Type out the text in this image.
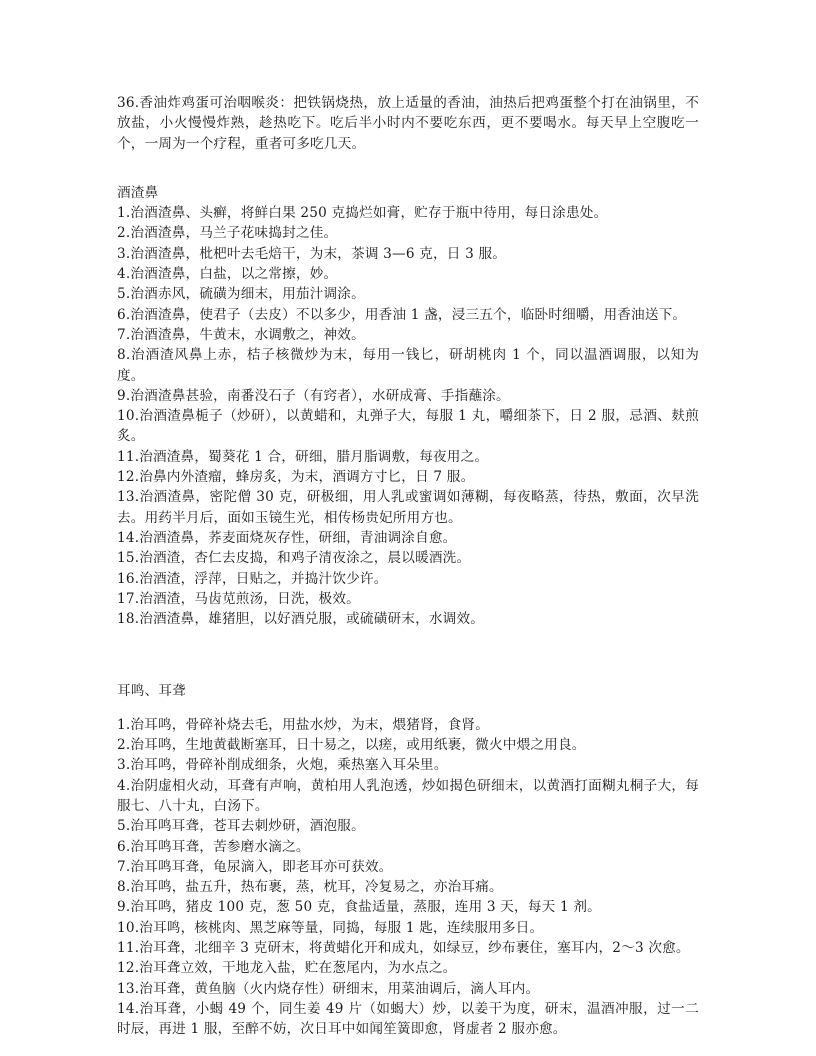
36.香油炸鸡蛋可治咽喉炎：把铁锅烧热，放上适量的香油，油热后把鸡蛋整个打在油锅里，不放盐，小火慢慢炸熟，趁热吃下。吃后半小时内不要吃东西，更不要喝水。每天早上空腹吃一个，一周为一个疗程，重者可多吃几天。

酒渣鼻

1.治酒渣鼻、头癣，将鲜白果 250 克捣烂如膏，贮存于瓶中待用，每日涂患处。
2.治酒渣鼻，马兰子花味捣封之佳。
3.治酒渣鼻，枇杷叶去毛焙干，为末，茶调 3—6 克，日 3 服。
4.治酒渣鼻，白盐，以之常擦，妙。
5.治酒赤风，硫磺为细末，用茄汁调涂。
6.治酒渣鼻，使君子（去皮）不以多少，用香油 1 盏，浸三五个，临卧时细嚼，用香油送下。
7.治酒渣鼻，牛黄末，水调敷之，神效。
8.治酒渣风鼻上赤，桔子核微炒为末，每用一钱匕，研胡桃肉 1 个，同以温酒调服，以知为度。
9.治酒渣鼻甚验，南番没石子（有窍者），水研成膏、手指蘸涂。
10.治酒渣鼻栀子（炒研），以黄蜡和，丸弹子大，每服 1 丸，嚼细茶下，日 2 服，忌酒、麸煎炙。
11.治酒渣鼻，蜀葵花 1 合，研细，腊月脂调敷，每夜用之。
12.治鼻内外渣瘤，蜂房炙，为末，酒调方寸匕，日 7 服。
13.治酒渣鼻，密陀僧 30 克，研极细，用人乳或蜜调如薄糊，每夜略蒸，待热，敷面，次早洗去。用药半月后，面如玉镜生光，相传杨贵妃所用方也。
14.治酒渣鼻，荞麦面烧灰存性，研细，青油调涂自愈。
15.治酒渣，杏仁去皮捣，和鸡子清夜涂之，晨以暖酒洗。
16.治酒渣，浮萍，日贴之，并捣汁饮少许。
17.治酒渣，马齿苋煎汤，日洗，极效。
18.治酒渣鼻，雄猪胆，以好酒兑服，或硫磺研末，水调效。

耳鸣、耳聋

1.治耳鸣，骨碎补烧去毛，用盐水炒，为末，煨猪肾，食肾。
2.治耳鸣，生地黄截断塞耳，日十易之，以瘥，或用纸裹，微火中煨之用良。
3.治耳鸣，骨碎补削成细条，火炮，乘热塞入耳朵里。
4.治阴虚相火动，耳聋有声响，黄柏用人乳泡透，炒如揭色研细末，以黄酒打面糊丸桐子大，每服七、八十丸，白汤下。
5.治耳鸣耳聋，苍耳去刺炒研，酒泡服。
6.治耳鸣耳聋，苦参磨水滴之。
7.治耳鸣耳聋，龟尿滴入，即老耳亦可获效。
8.治耳鸣，盐五升，热布裹，蒸，枕耳，冷复易之，亦治耳痛。
9.治耳鸣，猪皮 100 克，葱 50 克，食盐适量，蒸服，连用 3 天，每天 1 剂。
10.治耳鸣，核桃肉、黑芝麻等量，同捣，每服 1 匙，连续服用多日。
11.治耳聋，北细辛 3 克研末，将黄蜡化开和成丸，如绿豆，纱布裹住，塞耳内，2～3 次愈。
12.治耳聋立效，干地龙入盐，贮在葱尾内，为水点之。
13.治耳聋，黄鱼脑（火内烧存性）研细末，用菜油调后，滴人耳内。
14.治耳聋，小蝎 49 个，同生姜 49 片（如蝎大）炒，以姜干为度，研末，温酒冲服，过一二时辰，再进 1 服，至醉不妨，次日耳中如闻笙簧即愈，肾虚者 2 服亦愈。
